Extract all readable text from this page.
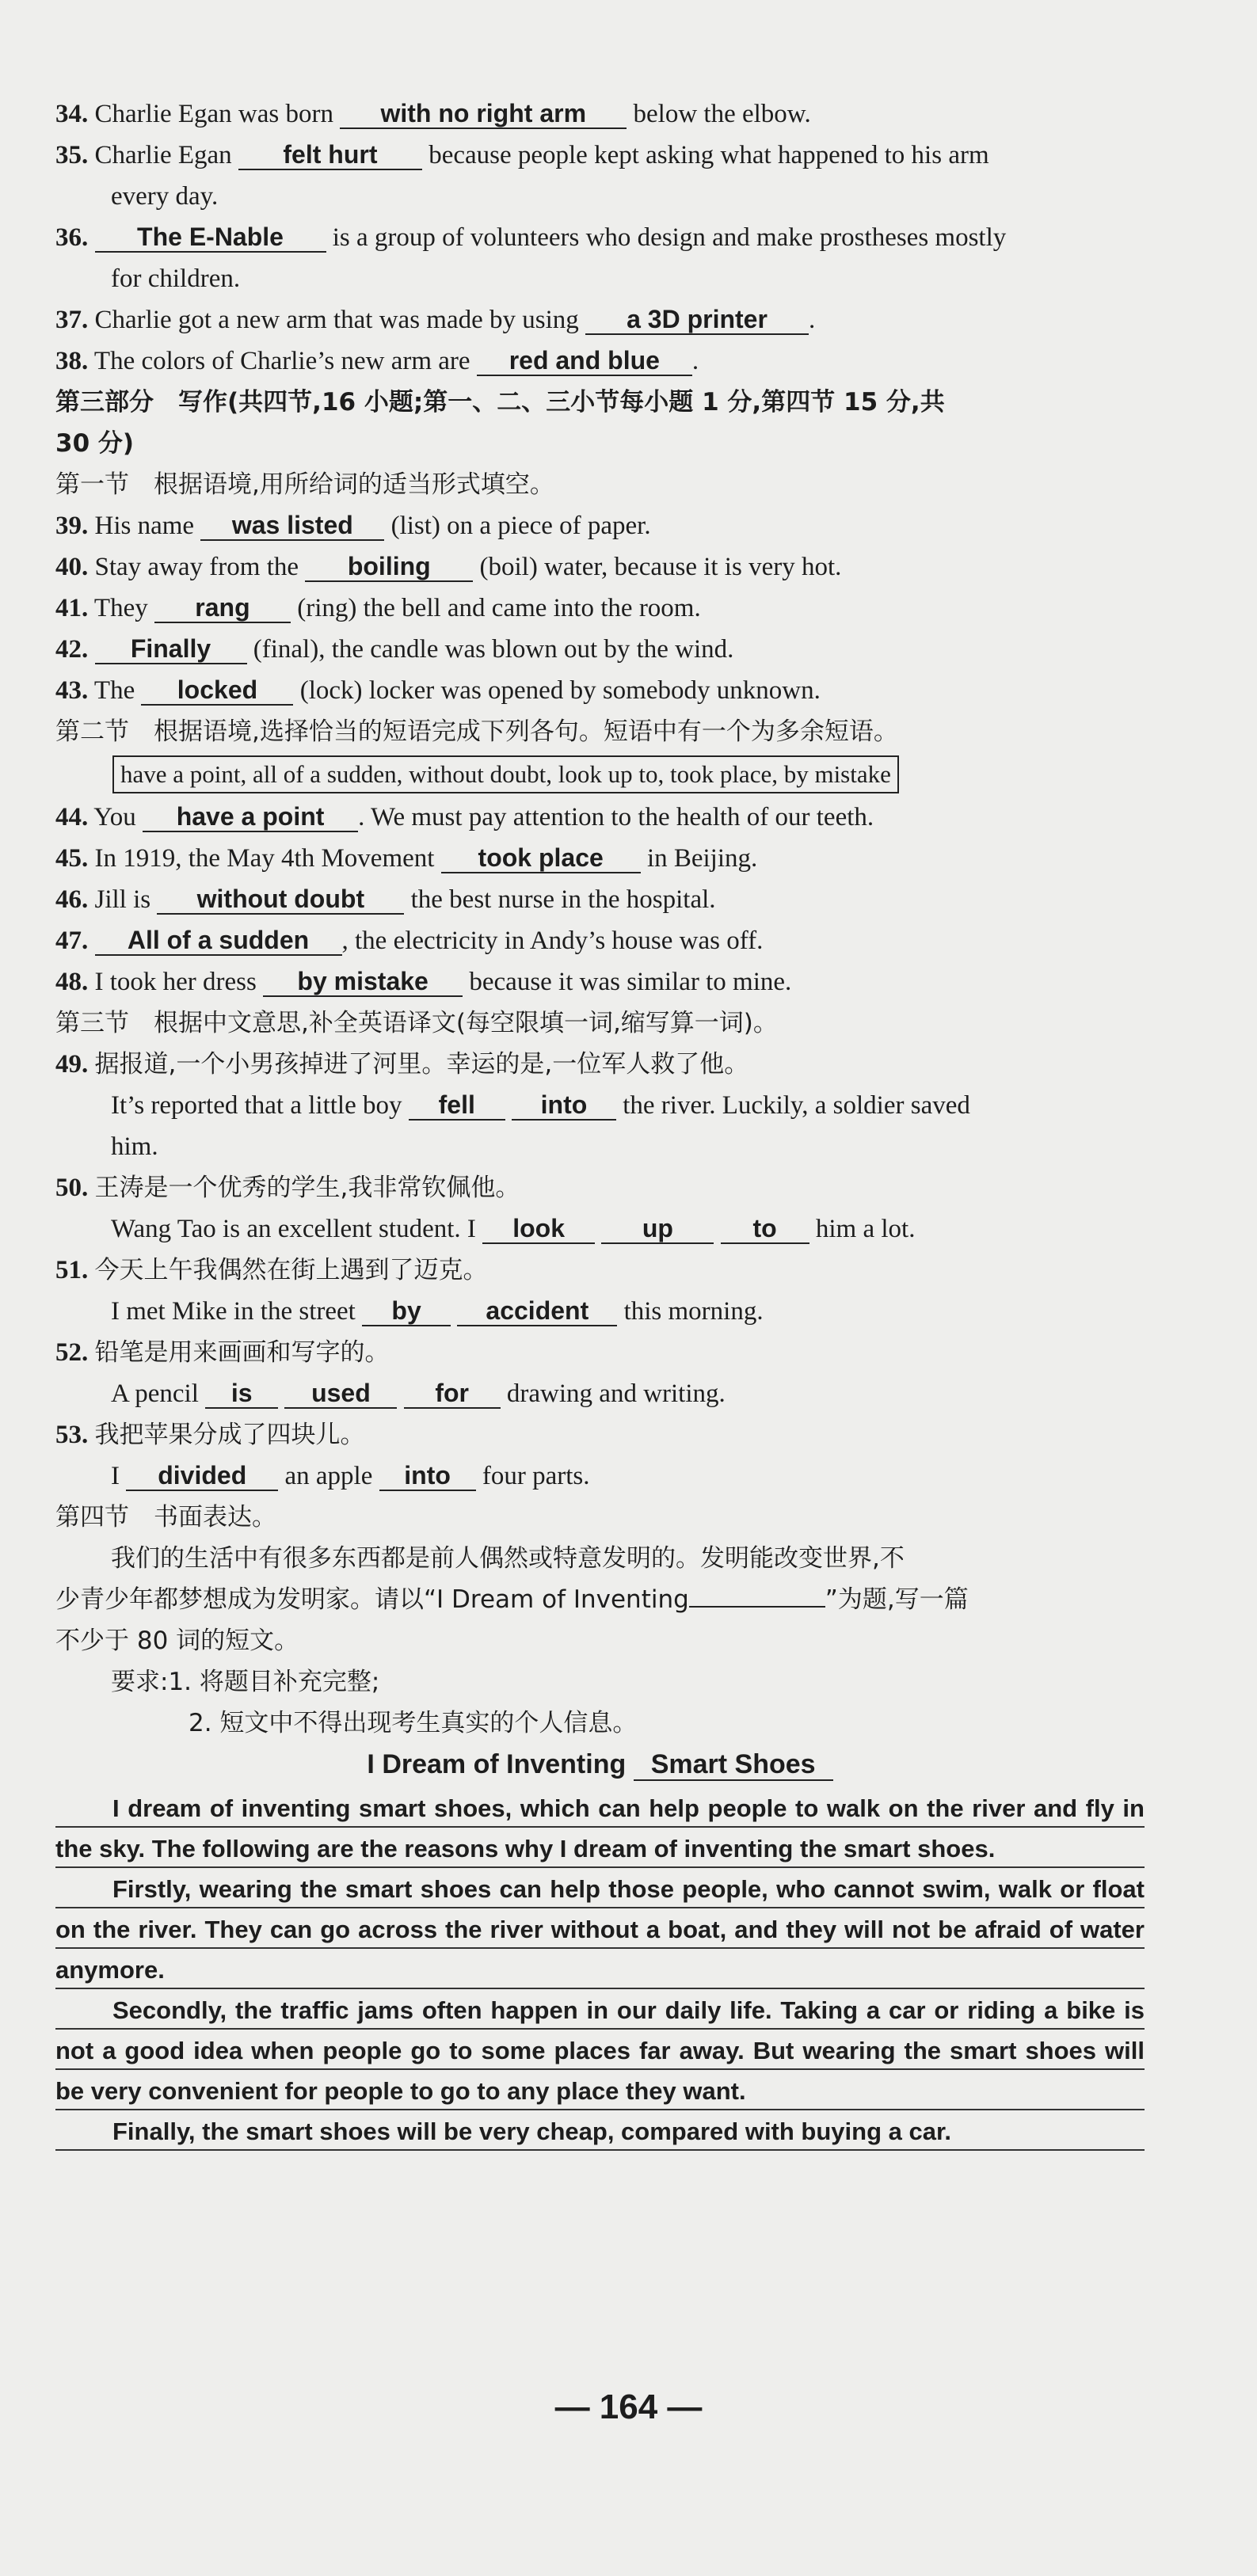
34. Charlie Egan was born with no right arm below the elbow.
35. Charlie Egan felt hurt because people kept asking what happened to his arm
every day.
36. The E-Nable is a group of volunteers who design and make prostheses mostly
for children.
37. Charlie got a new arm that was made by using a 3D printer .
38. The colors of Charlie’s new arm are red and blue .
第三部分　写作(共四节,16 小题;第一、二、三小节每小题 1 分,第四节 15 分,共
30 分)
第一节　根据语境,用所给词的适当形式填空。
39. His name was listed (list) on a piece of paper.
40. Stay away from the boiling (boil) water, because it is very hot.
41. They rang (ring) the bell and came into the room.
42. Finally (final), the candle was blown out by the wind.
43. The locked (lock) locker was opened by somebody unknown.
第二节　根据语境,选择恰当的短语完成下列各句。短语中有一个为多余短语。
have a point, all of a sudden, without doubt, look up to, took place, by mistake
44. You have a point . We must pay attention to the health of our teeth.
45. In 1919, the May 4th Movement took place in Beijing.
46. Jill is without doubt the best nurse in the hospital.
47. All of a sudden , the electricity in Andy’s house was off.
48. I took her dress by mistake because it was similar to mine.
第三节　根据中文意思,补全英语译文(每空限填一词,缩写算一词)。
49. 据报道,一个小男孩掉进了河里。幸运的是,一位军人救了他。
It’s reported that a little boy fell	into the river. Luckily, a soldier saved
him.
50. 王涛是一个优秀的学生,我非常钦佩他。
Wang Tao is an excellent student. I look	up	to him a lot.
51. 今天上午我偶然在街上遇到了迈克。
I met Mike in the street by	accident this morning.
52. 铅笔是用来画画和写字的。
A pencil is used	for drawing and writing.
53. 我把苹果分成了四块儿。
I divided an apple into four parts.
第四节　书面表达。
我们的生活中有很多东西都是前人偶然或特意发明的。发明能改变世界,不
少青少年都梦想成为发明家。请以“I Dream of Inventing	”为题,写一篇
不少于 80 词的短文。
要求:1. 将题目补充完整;
2. 短文中不得出现考生真实的个人信息。
I Dream of Inventing Smart Shoes

I dream of inventing smart shoes, which can help people to walk on the river and fly in the sky. The following are the reasons why I dream of inventing the smart shoes.

Firstly, wearing the smart shoes can help those people, who cannot swim, walk or float on the river. They can go across the river without a boat, and they will not be afraid of water anymore.

Secondly, the traffic jams often happen in our daily life. Taking a car or riding a bike is not a good idea when people go to some places far away. But wearing the smart shoes will be very convenient for people to go to any place they want.

Finally, the smart shoes will be very cheap, compared with buying a car.

— 164 —
